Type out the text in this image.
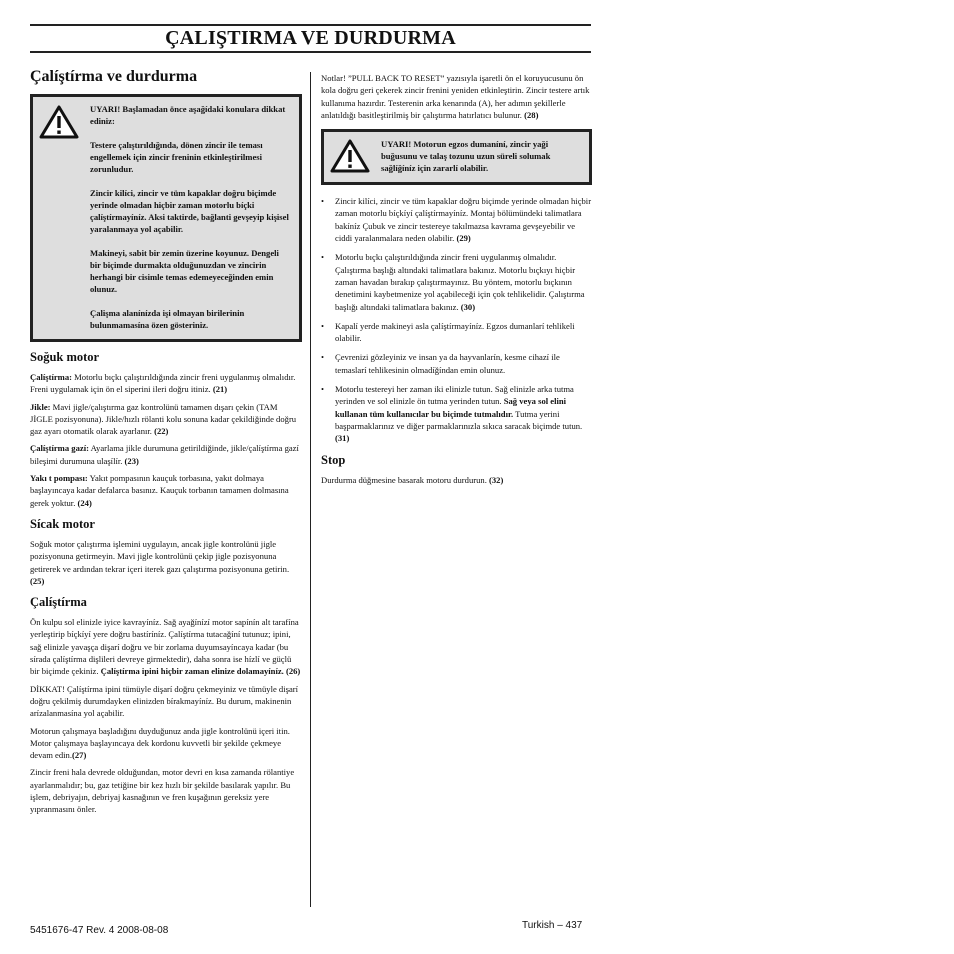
ÇALIŞTIRMA VE DURDURMA
Çalíştírma ve durdurma

UYARI! Başlamadan önce aşağídaki konulara dikkat ediniz:

Testere çalıştırıldığında, dönen zincir ile teması engellemek için zincir freninin etkinleştirilmesi zorunludur.

Zincir kilíci, zincir ve tüm kapaklar doğru biçimde yerinde olmadan hiçbir zaman motorlu bíçki çalíştírmayíníz. Aksi taktirde, bağlanti gevşeyip kişisel yaralanmaya yol açabilir.

Makineyi, sabit bir zemin üzerine koyunuz. Dengeli bir biçimde durmakta olduğunuzdan ve zincirin herhangi bir cisimle temas edemeyeceğinden emin olunuz.

Çalişma alanínízda işi olmayan birilerinin bulunmamasína özen gösteriniz.

Soğuk motor

Çalíştírma: Motorlu bıçkı çalıştırıldığında zincir freni uygulanmış olmalıdır. Freni uygulamak için ön el siperini ileri doğru itiniz. (21)

Jikle: Mavi jigle/çalıştırma gaz kontrolünü tamamen dışarı çekin (TAM JİGLE pozisyonuna). Jikle/hızlı rölanti kolu sonuna kadar çekildiğinde doğru gaz ayarı otomatik olarak ayarlanır. (22)

Çalíştírma gazí: Ayarlama jikle durumuna getirildiğinde, jikle/çalíştírma gazí bileşimi durumuna ulaşílír. (23)

Yakı t pompası: Yakıt pompasının kauçuk torbasına, yakıt dolmaya başlayıncaya kadar defalarca basınız. Kauçuk torbanın tamamen dolmasına gerek yoktur. (24)

Sícak motor

Soğuk motor çalıştırma işlemini uygulayın, ancak jigle kontrolünü jigle pozisyonuna getirmeyin. Mavi jigle kontrolünü çekip jigle pozisyonuna getirerek ve ardından tekrar içeri iterek gazı çalıştırma pozisyonuna getirin. (25)

Çalíştírma

Ön kulpu sol elinizle iyice kavrayíníz. Sağ ayağínízí motor sapínín alt tarafína yerleştirip bíçkíyí yere doğru bastíríníz. Çalíştírma tutacağíní tutunuz; ipini, sağ elinizle yavaşça dişarí doğru ve bir zorlama duyumsayíncaya kadar (bu sírada çalíştírma dişlileri devreye girmektedir), daha sonra ise hízlí ve güçlü bir biçimde çekiniz. Çalíştírma ipini hiçbir zaman elinize dolamayíníz. (26)

DİKKAT! Çalíştírma ipini tümüyle dişarí doğru çekmeyiniz ve tümüyle dişarí doğru çekilmiş durumdayken elinizden bírakmayíníz. Bu durum, makinenin arízalanmasína yol açabilir.

Motorun çalışmaya başladığını duyduğunuz anda jigle kontrolünü içeri itin. Motor çalışmaya başlayıncaya dek kordonu kuvvetli bir şekilde çekmeye devam edin.(27)

Zincir freni hala devrede olduğundan, motor devri en kısa zamanda rölantiye ayarlanmalıdır; bu, gaz tetiğine bir kez hızlı bir şekilde basılarak yapılır. Bu işlem, debriyajın, debriyaj kasnağının ve fren kuşağının gereksiz yere yıpranmasını önler.

Notlar! ”PULL BACK TO RESET” yazısıyla işaretli ön el koruyucusunu ön kola doğru geri çekerek zincir frenini yeniden etkinleştirin. Zincir testere artık kullanıma hazırdır. Testerenin arka kenarında (A), her adımın şekillerle anlatıldığı basitleştirilmiş bir çalıştırma hatırlatıcı bulunur. (28)

UYARI! Motorun egzos dumaníní, zincir yaği buğusunu ve talaş tozunu uzun süreli solumak sağlíğíníz için zararlí olabilir.

• Zincir kilíci, zincir ve tüm kapaklar doğru biçimde yerinde olmadan hiçbir zaman motorlu bíçkíyí çalíştírmayíníz. Montaj bölümündeki talimatlara bakíníz Çubuk ve zincir testereye takılmazsa kavrama gevşeyebilir ve ciddi yaralanmalara neden olabilir. (29)
• Motorlu bıçkı çalıştırıldığında zincir freni uygulanmış olmalıdır. Çalıştırma başlığı altındaki talimatlara bakınız. Motorlu bıçkıyı hiçbir zaman havadan bırakıp çalıştırmayınız. Bu yöntem, motorlu bıçkının denetimini kaybetmenize yol açabileceği için çok tehlikelidir. Çalıştırma başlığı altındaki talimatlara bakınız. (30)
• Kapalí yerde makineyi asla çalíştírmayíníz. Egzos dumanlarí tehlikeli olabilir.
• Çevrenizi gözleyiniz ve insan ya da hayvanlarín, kesme cihazí ile temaslarí tehlikesinin olmadíğíndan emin olunuz.
• Motorlu testereyi her zaman iki elinizle tutun. Sağ elinizle arka tutma yerinden ve sol elinizle ön tutma yerinden tutun. Sağ veya sol elini kullanan tüm kullanıcılar bu biçimde tutmalıdır. Tutma yerini başparmaklarınız ve diğer parmaklarınızla sıkıca saracak biçimde tutun. (31)
Stop

Durdurma düğmesine basarak motoru durdurun. (32)

5451676-47 Rev. 4 2008-08-08	Turkish – 437
